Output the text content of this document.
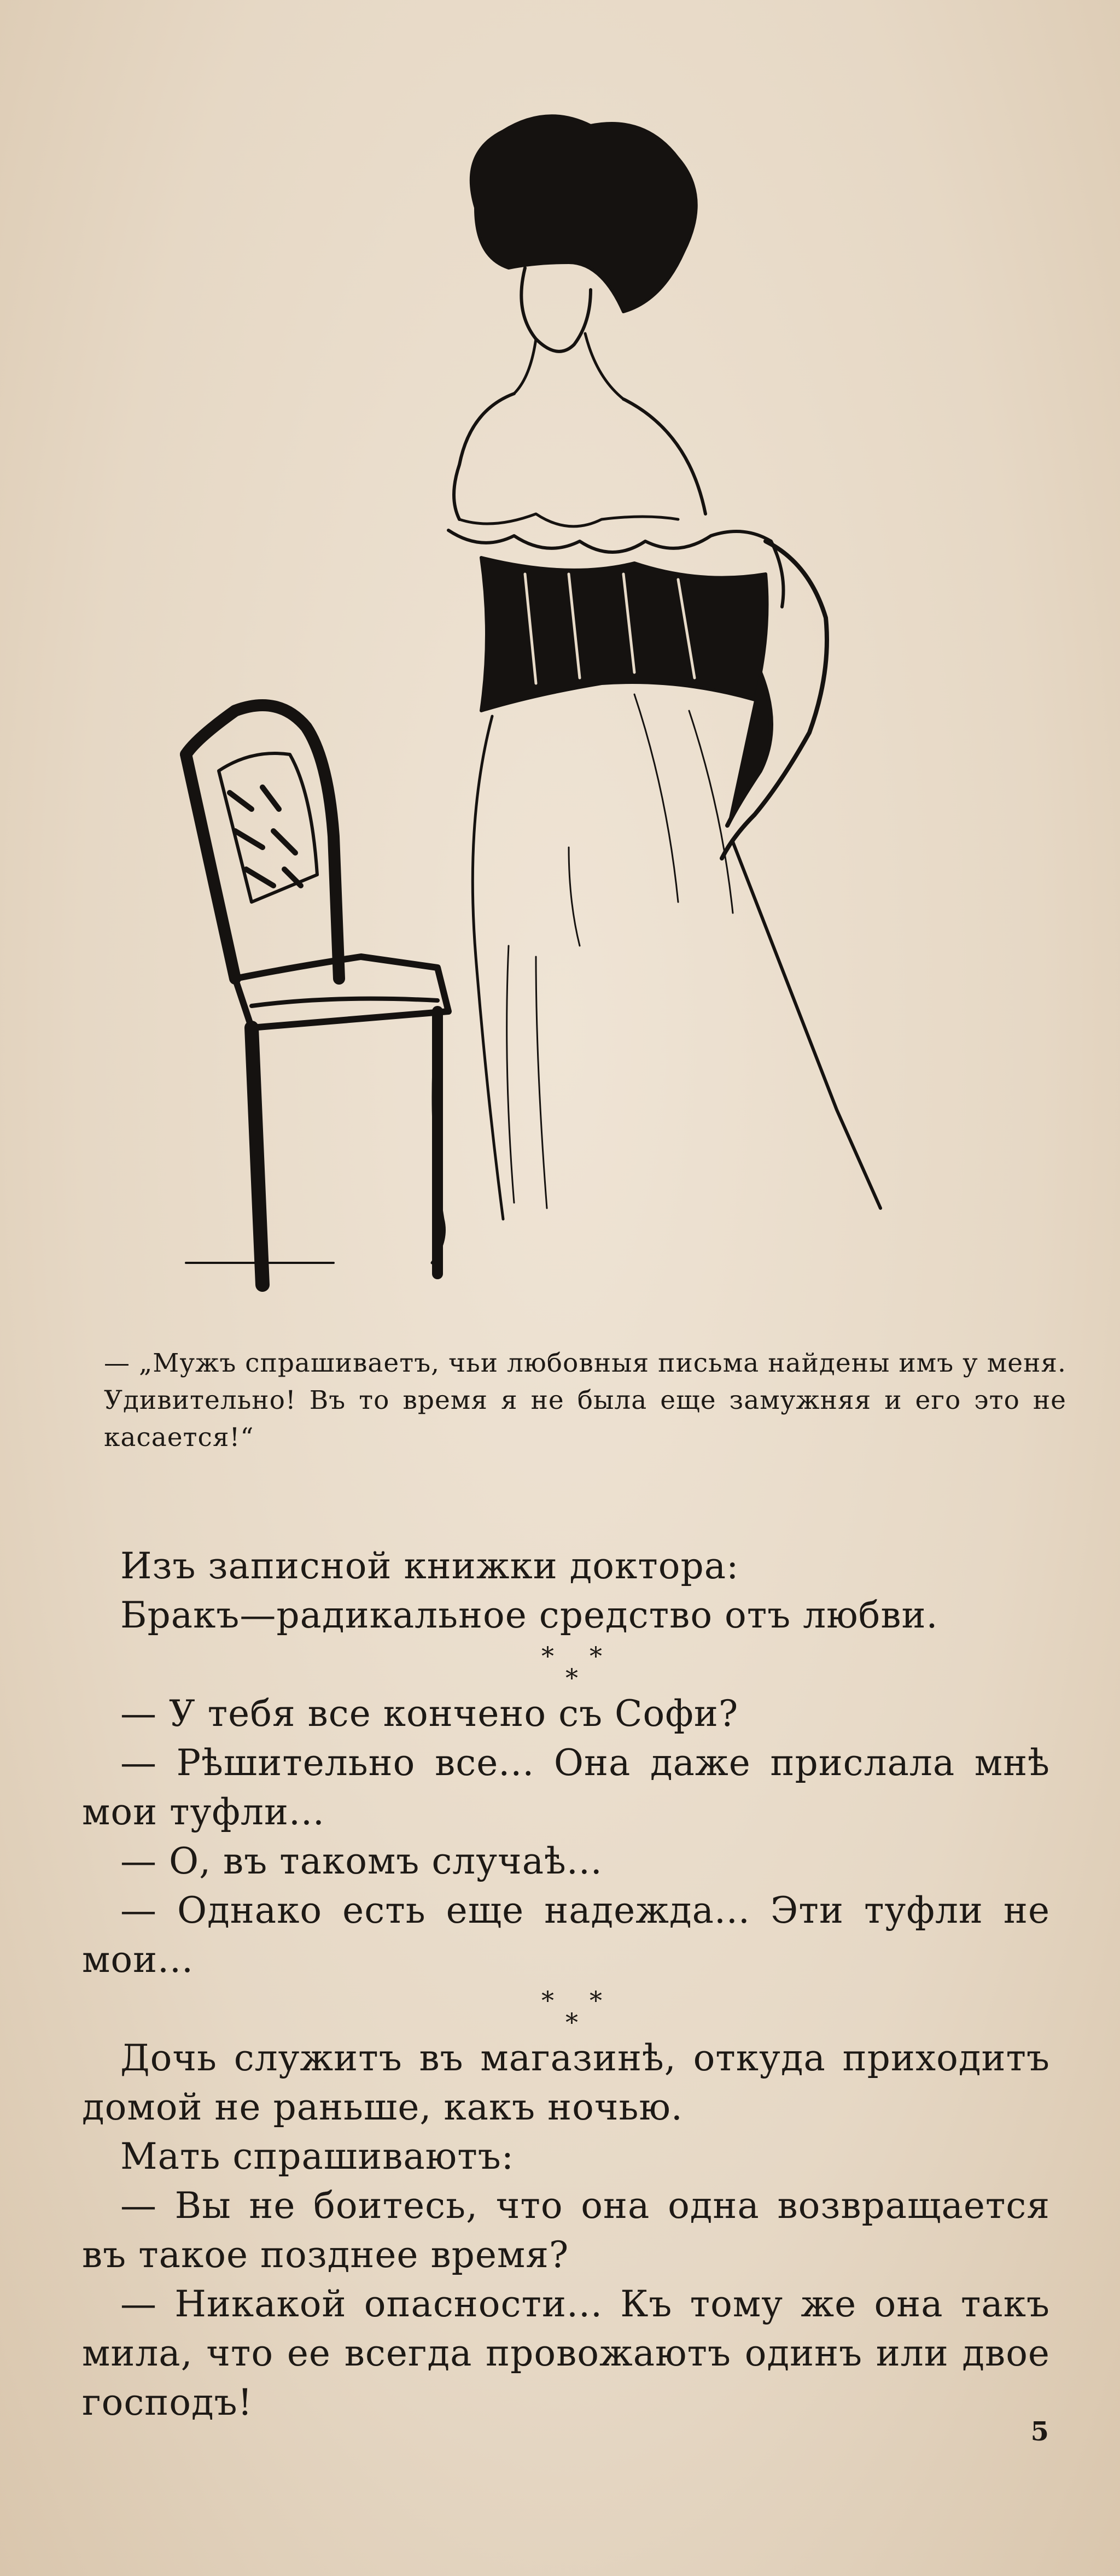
— „Мужъ спрашиваетъ, чьи любовныя письма найдены имъ у меня. Удивительно! Въ то время я не была еще замужняя и его это не касается!“

Изъ записной книжки доктора:

Бракъ—радикальное средство отъ любви.

* *
*

— У тебя все кончено съ Софи?

— Рѣшительно все... Она даже прислала мнѣ мои туфли...

— О, въ такомъ случаѣ...

— Однако есть еще надежда... Эти туфли не мои...

* *
*

Дочь служитъ въ магазинѣ, откуда приходитъ домой не раньше, какъ ночью.

Мать спрашиваютъ:

— Вы не боитесь, что она одна возвращается въ такое позднее время?

— Никакой опасности... Къ тому же она такъ мила, что ее всегда провожаютъ одинъ или двое господъ!

5
